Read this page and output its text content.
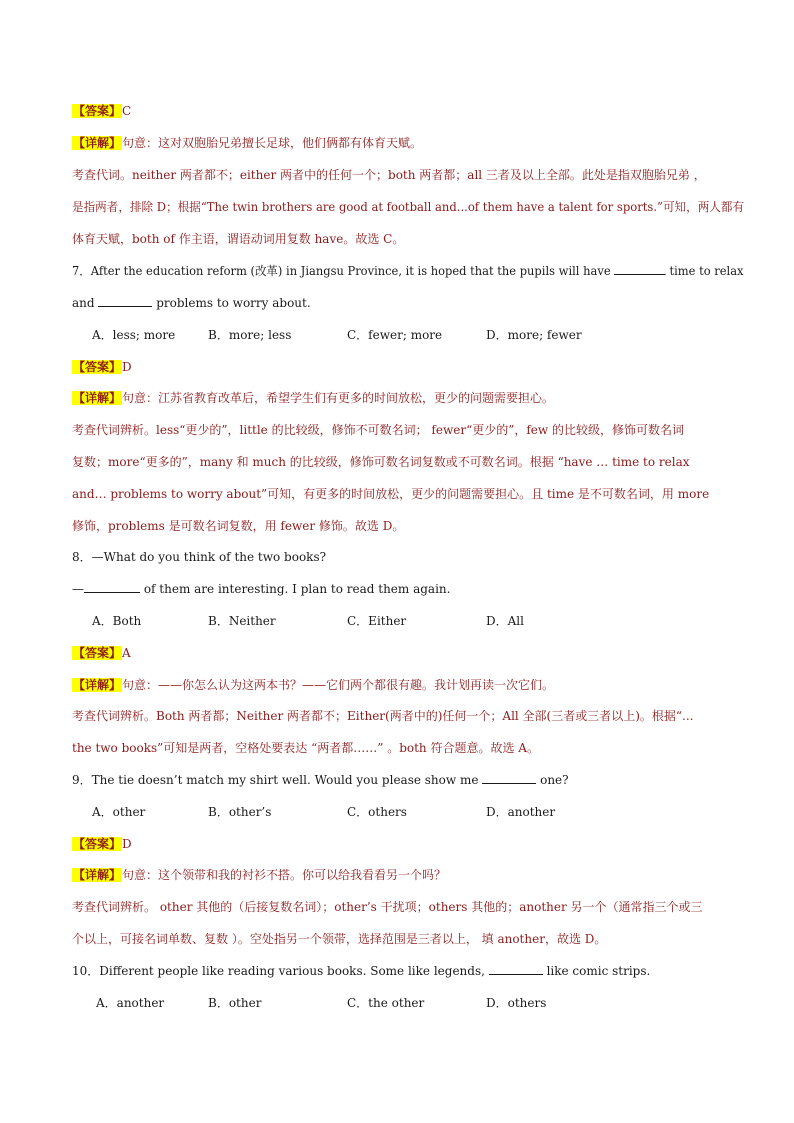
【答案】C
【详解】句意：这对双胞胎兄弟擅长足球，他们俩都有体育天赋。
考查代词。neither 两者都不；either 两者中的任何一个；both 两者都；all 三者及以上全部。此处是指双胞胎兄弟 ，
是指两者，排除 D；根据“The twin brothers are good at football and...of them have a talent for sports.”可知，两人都有
体育天赋，both of 作主语，谓语动词用复数 have。故选 C。
7．After the education reform (改革) in Jiangsu Province, it is hoped that the pupils will have	time to relax
and	problems to worry about.
A．less; more	B．more; less	C．fewer; more	D．more; fewer
【答案】D
【详解】句意：江苏省教育改革后，希望学生们有更多的时间放松，更少的问题需要担心。
考查代词辨析。less“更少的”，little 的比较级，修饰不可数名词； fewer“更少的”，few 的比较级，修饰可数名词
复数；more“更多的”，many 和 much 的比较级，修饰可数名词复数或不可数名词。根据 “have … time to relax
and… problems to worry about”可知，有更多的时间放松，更少的问题需要担心。且 time 是不可数名词，用 more
修饰，problems 是可数名词复数，用 fewer 修饰。故选 D。
8．—What do you think of the two books?
—	of them are interesting. I plan to read them again.
A．Both	B．Neither	C．Either	D．All
【答案】A
【详解】句意：——你怎么认为这两本书？——它们两个都很有趣。我计划再读一次它们。
考查代词辨析。Both 两者都；Neither 两者都不；Either(两者中的)任何一个；All 全部(三者或三者以上)。根据“...
the two books”可知是两者，空格处要表达 “两者都……” 。both 符合题意。故选 A。
9．The tie doesn’t match my shirt well. Would you please show me	one?
A．other	B．other’s	C．others	D．another
【答案】D
【详解】句意：这个领带和我的衬衫不搭。你可以给我看看另一个吗？
考查代词辨析。 other 其他的（后接复数名词）；other’s 干扰项；others 其他的；another 另一个（通常指三个或三
个以上，可接名词单数、复数 ）。空处指另一个领带，选择范围是三者以上， 填 another，故选 D。
10．Different people like reading various books. Some like legends,	like comic strips.
A．another	B．other	C．the other	D．others
